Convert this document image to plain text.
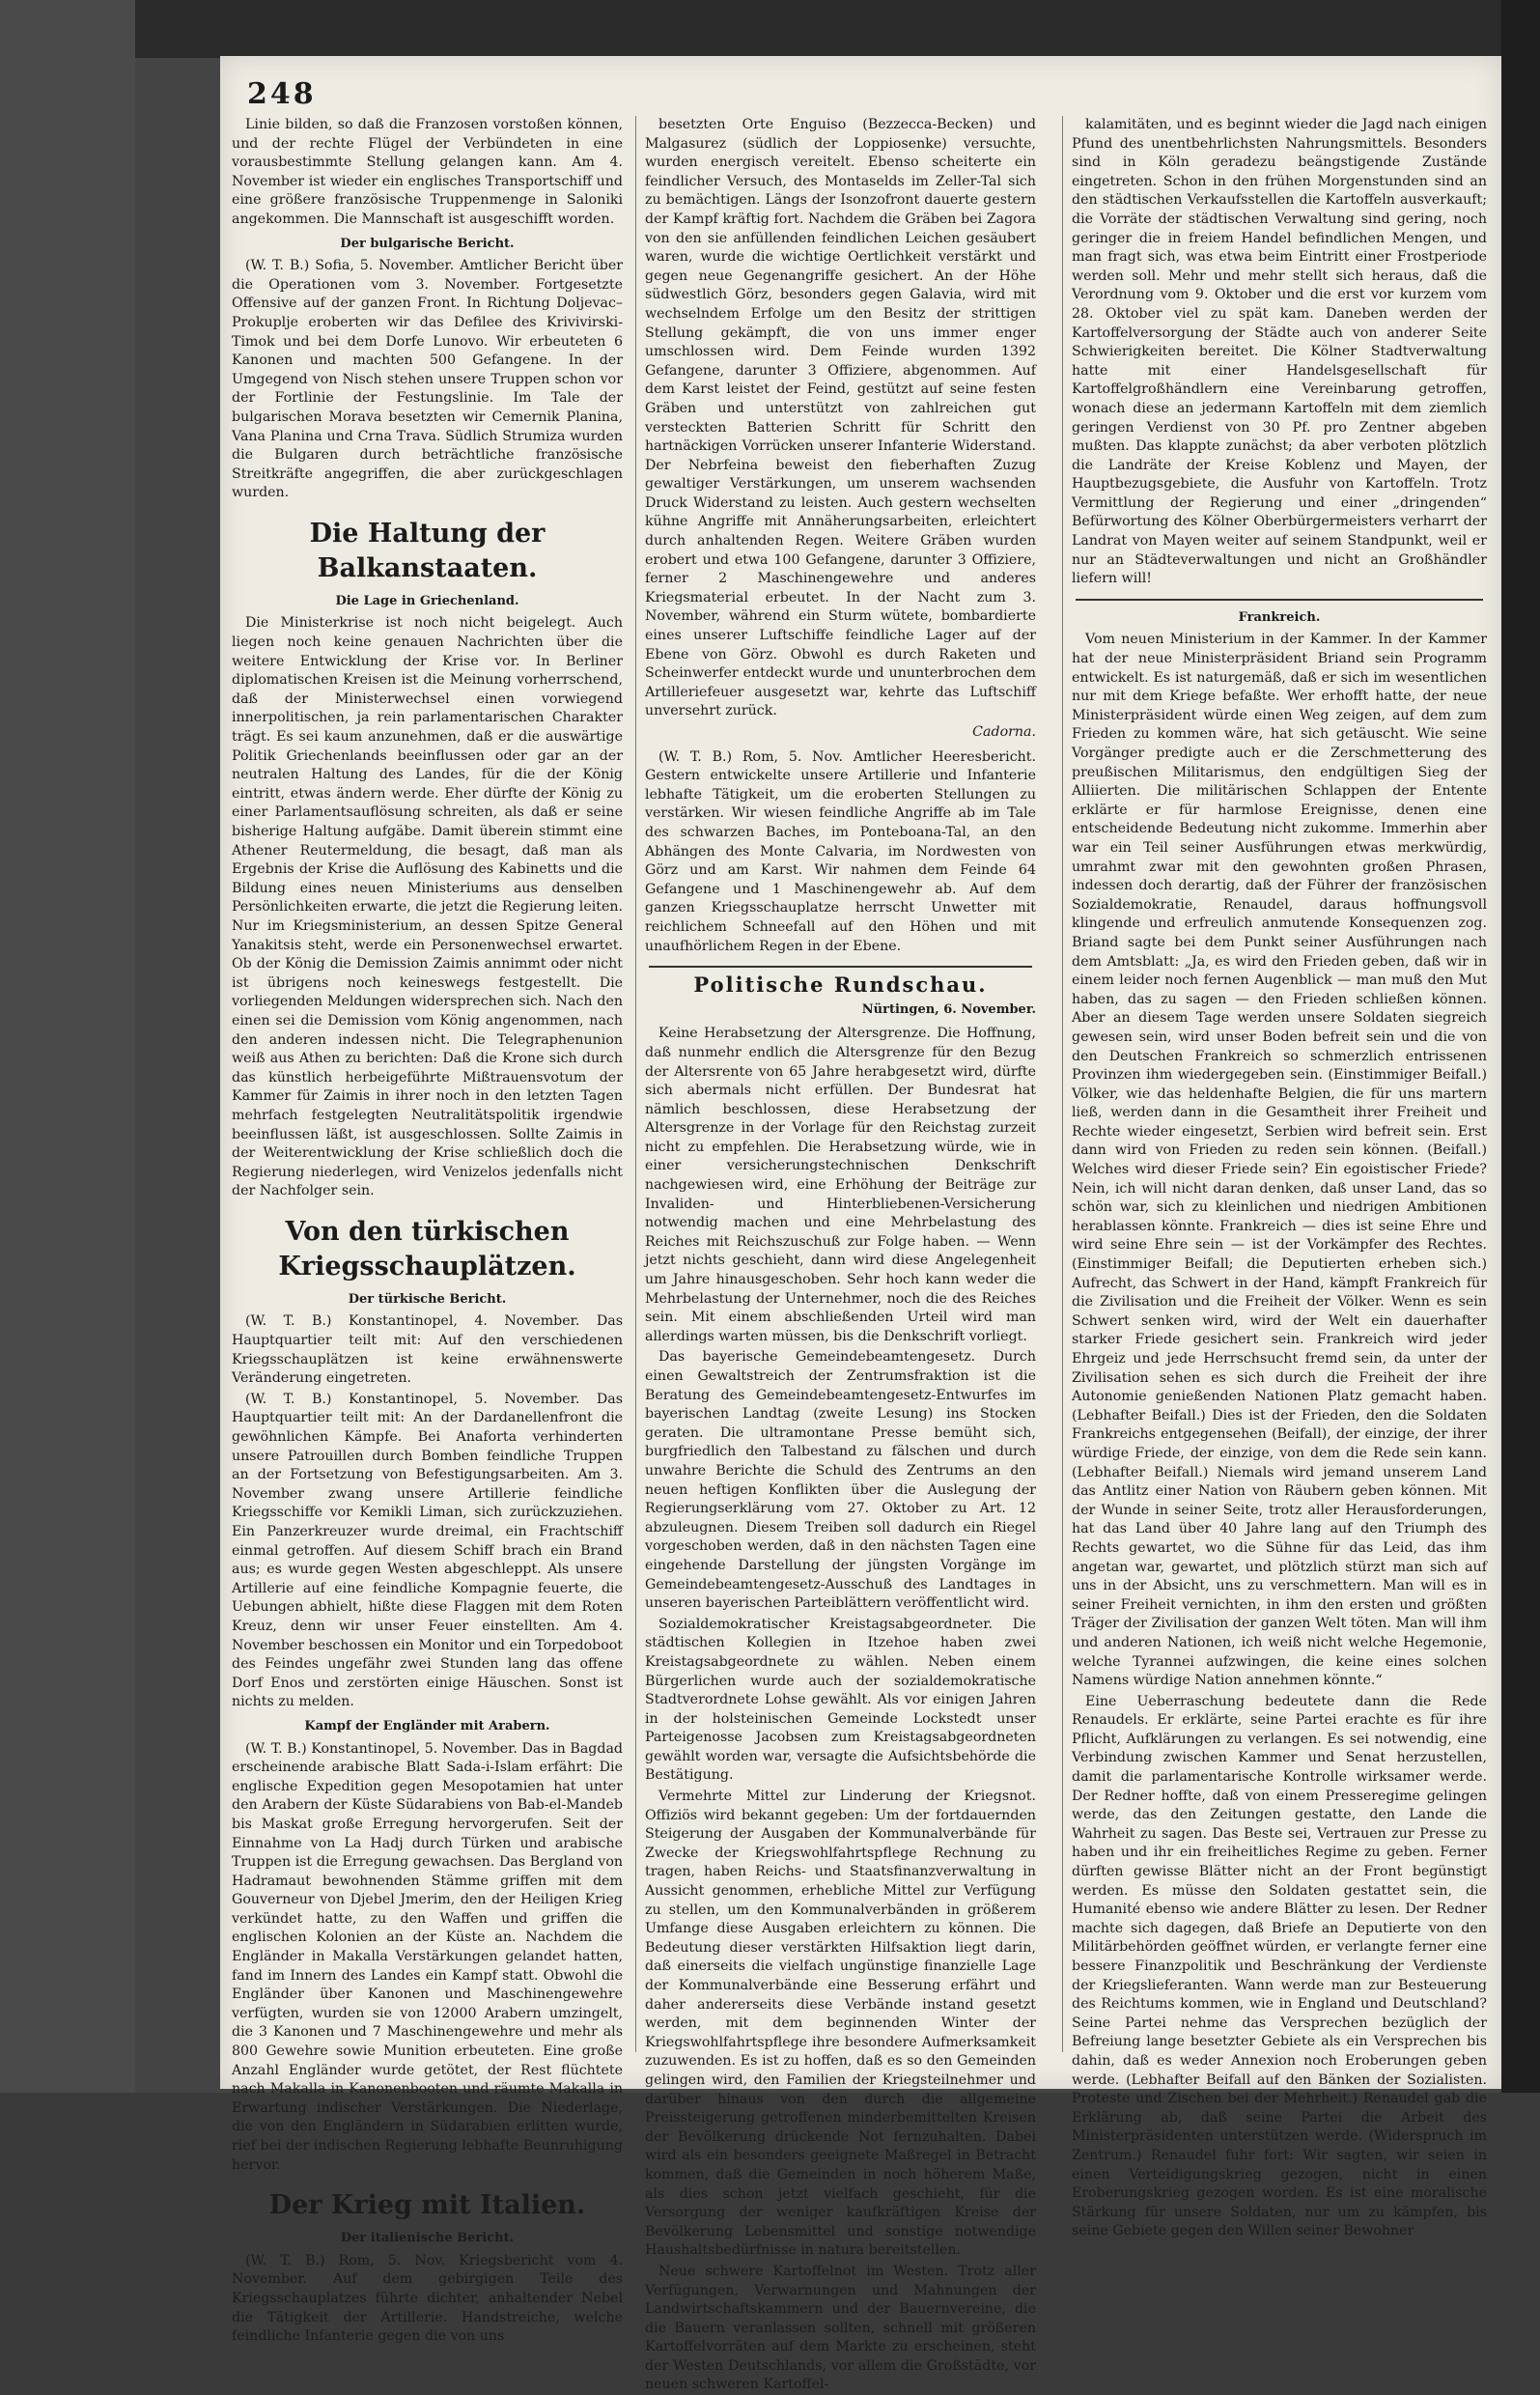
248

Linie bilden, so daß die Franzosen vorstoßen können, und der rechte Flügel der Verbündeten in eine vorausbestimmte Stellung gelangen kann. Am 4. November ist wieder ein englisches Transportschiff und eine größere französische Truppenmenge in Saloniki angekommen. Die Mannschaft ist ausgeschifft worden.

Der bulgarische Bericht.

(W. T. B.) Sofia, 5. November. Amtlicher Bericht über die Operationen vom 3. November. Fortgesetzte Offensive auf der ganzen Front. In Richtung Doljevac–Prokuplje eroberten wir das Defilee des Krivivirski-Timok und bei dem Dorfe Lunovo. Wir erbeuteten 6 Kanonen und machten 500 Gefangene. In der Umgegend von Nisch stehen unsere Truppen schon vor der Fortlinie der Festungslinie. Im Tale der bulgarischen Morava besetzten wir Cemernik Planina, Vana Planina und Crna Trava. Südlich Strumiza wurden die Bulgaren durch beträchtliche französische Streitkräfte angegriffen, die aber zurückgeschlagen wurden.

Die Haltung der Balkanstaaten.
Die Lage in Griechenland.

Die Ministerkrise ist noch nicht beigelegt. Auch liegen noch keine genauen Nachrichten über die weitere Entwicklung der Krise vor. In Berliner diplomatischen Kreisen ist die Meinung vorherrschend, daß der Ministerwechsel einen vorwiegend innerpolitischen, ja rein parlamentarischen Charakter trägt. Es sei kaum anzunehmen, daß er die auswärtige Politik Griechenlands beeinflussen oder gar an der neutralen Haltung des Landes, für die der König eintritt, etwas ändern werde. Eher dürfte der König zu einer Parlamentsauflösung schreiten, als daß er seine bisherige Haltung aufgäbe. Damit überein stimmt eine Athener Reutermeldung, die besagt, daß man als Ergebnis der Krise die Auflösung des Kabinetts und die Bildung eines neuen Ministeriums aus denselben Persönlichkeiten erwarte, die jetzt die Regierung leiten. Nur im Kriegsministerium, an dessen Spitze General Yanakitsis steht, werde ein Personenwechsel erwartet. Ob der König die Demission Zaimis annimmt oder nicht ist übrigens noch keineswegs festgestellt. Die vorliegenden Meldungen widersprechen sich. Nach den einen sei die Demission vom König angenommen, nach den anderen indessen nicht. Die Telegraphenunion weiß aus Athen zu berichten: Daß die Krone sich durch das künstlich herbeigeführte Mißtrauensvotum der Kammer für Zaimis in ihrer noch in den letzten Tagen mehrfach festgelegten Neutralitätspolitik irgendwie beeinflussen läßt, ist ausgeschlossen. Sollte Zaimis in der Weiterentwicklung der Krise schließlich doch die Regierung niederlegen, wird Venizelos jedenfalls nicht der Nachfolger sein.

Von den türkischen Kriegsschauplätzen.
Der türkische Bericht.

(W. T. B.) Konstantinopel, 4. November. Das Hauptquartier teilt mit: Auf den verschiedenen Kriegsschauplätzen ist keine erwähnenswerte Veränderung eingetreten.

(W. T. B.) Konstantinopel, 5. November. Das Hauptquartier teilt mit: An der Dardanellenfront die gewöhnlichen Kämpfe. Bei Anaforta verhinderten unsere Patrouillen durch Bomben feindliche Truppen an der Fortsetzung von Befestigungsarbeiten. Am 3. November zwang unsere Artillerie feindliche Kriegsschiffe vor Kemikli Liman, sich zurückzuziehen. Ein Panzerkreuzer wurde dreimal, ein Frachtschiff einmal getroffen. Auf diesem Schiff brach ein Brand aus; es wurde gegen Westen abgeschleppt. Als unsere Artillerie auf eine feindliche Kompagnie feuerte, die Uebungen abhielt, hißte diese Flaggen mit dem Roten Kreuz, denn wir unser Feuer einstellten. Am 4. November beschossen ein Monitor und ein Torpedoboot des Feindes ungefähr zwei Stunden lang das offene Dorf Enos und zerstörten einige Häuschen. Sonst ist nichts zu melden.

Kampf der Engländer mit Arabern.

(W. T. B.) Konstantinopel, 5. November. Das in Bagdad erscheinende arabische Blatt Sada-i-Islam erfährt: Die englische Expedition gegen Mesopotamien hat unter den Arabern der Küste Südarabiens von Bab-el-Mandeb bis Maskat große Erregung hervorgerufen. Seit der Einnahme von La Hadj durch Türken und arabische Truppen ist die Erregung gewachsen. Das Bergland von Hadramaut bewohnenden Stämme griffen mit dem Gouverneur von Djebel Jmerim, den der Heiligen Krieg verkündet hatte, zu den Waffen und griffen die englischen Kolonien an der Küste an. Nachdem die Engländer in Makalla Verstärkungen gelandet hatten, fand im Innern des Landes ein Kampf statt. Obwohl die Engländer über Kanonen und Maschinengewehre verfügten, wurden sie von 12000 Arabern umzingelt, die 3 Kanonen und 7 Maschinengewehre und mehr als 800 Gewehre sowie Munition erbeuteten. Eine große Anzahl Engländer wurde getötet, der Rest flüchtete nach Makalla in Kanonenbooten und räumte Makalla in Erwartung indischer Verstärkungen. Die Niederlage, die von den Engländern in Südarabien erlitten wurde, rief bei der indischen Regierung lebhafte Beunruhigung hervor.

Der Krieg mit Italien.
Der italienische Bericht.

(W. T. B.) Rom, 5. Nov. Kriegsbericht vom 4. November. Auf dem gebirgigen Teile des Kriegsschauplatzes führte dichter, anhaltender Nebel die Tätigkeit der Artillerie. Handstreiche, welche feindliche Infanterie gegen die von uns

besetzten Orte Enguiso (Bezzecca-Becken) und Malgasurez (südlich der Loppiosenke) versuchte, wurden energisch vereitelt. Ebenso scheiterte ein feindlicher Versuch, des Montaselds im Zeller-Tal sich zu bemächtigen. Längs der Isonzofront dauerte gestern der Kampf kräftig fort. Nachdem die Gräben bei Zagora von den sie anfüllenden feindlichen Leichen gesäubert waren, wurde die wichtige Oertlichkeit verstärkt und gegen neue Gegenangriffe gesichert. An der Höhe südwestlich Görz, besonders gegen Galavia, wird mit wechselndem Erfolge um den Besitz der strittigen Stellung gekämpft, die von uns immer enger umschlossen wird. Dem Feinde wurden 1392 Gefangene, darunter 3 Offiziere, abgenommen. Auf dem Karst leistet der Feind, gestützt auf seine festen Gräben und unterstützt von zahlreichen gut versteckten Batterien Schritt für Schritt den hartnäckigen Vorrücken unserer Infanterie Widerstand. Der Nebrfeina beweist den fieberhaften Zuzug gewaltiger Verstärkungen, um unserem wachsenden Druck Widerstand zu leisten. Auch gestern wechselten kühne Angriffe mit Annäherungsarbeiten, erleichtert durch anhaltenden Regen. Weitere Gräben wurden erobert und etwa 100 Gefangene, darunter 3 Offiziere, ferner 2 Maschinengewehre und anderes Kriegsmaterial erbeutet. In der Nacht zum 3. November, während ein Sturm wütete, bombardierte eines unserer Luftschiffe feindliche Lager auf der Ebene von Görz. Obwohl es durch Raketen und Scheinwerfer entdeckt wurde und ununterbrochen dem Artilleriefeuer ausgesetzt war, kehrte das Luftschiff unversehrt zurück.

Cadorna.

(W. T. B.) Rom, 5. Nov. Amtlicher Heeresbericht. Gestern entwickelte unsere Artillerie und Infanterie lebhafte Tätigkeit, um die eroberten Stellungen zu verstärken. Wir wiesen feindliche Angriffe ab im Tale des schwarzen Baches, im Ponteboana-Tal, an den Abhängen des Monte Calvaria, im Nordwesten von Görz und am Karst. Wir nahmen dem Feinde 64 Gefangene und 1 Maschinengewehr ab. Auf dem ganzen Kriegsschauplatze herrscht Unwetter mit reichlichem Schneefall auf den Höhen und mit unaufhörlichem Regen in der Ebene.

Politische Rundschau.
Nürtingen, 6. November.

Keine Herabsetzung der Altersgrenze. Die Hoffnung, daß nunmehr endlich die Altersgrenze für den Bezug der Altersrente von 65 Jahre herabgesetzt wird, dürfte sich abermals nicht erfüllen. Der Bundesrat hat nämlich beschlossen, diese Herabsetzung der Altersgrenze in der Vorlage für den Reichstag zurzeit nicht zu empfehlen. Die Herabsetzung würde, wie in einer versicherungstechnischen Denkschrift nachgewiesen wird, eine Erhöhung der Beiträge zur Invaliden- und Hinterbliebenen-Versicherung notwendig machen und eine Mehrbelastung des Reiches mit Reichszuschuß zur Folge haben. — Wenn jetzt nichts geschieht, dann wird diese Angelegenheit um Jahre hinausgeschoben. Sehr hoch kann weder die Mehrbelastung der Unternehmer, noch die des Reiches sein. Mit einem abschließenden Urteil wird man allerdings warten müssen, bis die Denkschrift vorliegt.

Das bayerische Gemeindebeamtengesetz. Durch einen Gewaltstreich der Zentrumsfraktion ist die Beratung des Gemeindebeamtengesetz-Entwurfes im bayerischen Landtag (zweite Lesung) ins Stocken geraten. Die ultramontane Presse bemüht sich, burgfriedlich den Talbestand zu fälschen und durch unwahre Berichte die Schuld des Zentrums an den neuen heftigen Konflikten über die Auslegung der Regierungserklärung vom 27. Oktober zu Art. 12 abzuleugnen. Diesem Treiben soll dadurch ein Riegel vorgeschoben werden, daß in den nächsten Tagen eine eingehende Darstellung der jüngsten Vorgänge im Gemeindebeamtengesetz-Ausschuß des Landtages in unseren bayerischen Parteiblättern veröffentlicht wird.

Sozialdemokratischer Kreistagsabgeordneter. Die städtischen Kollegien in Itzehoe haben zwei Kreistagsabgeordnete zu wählen. Neben einem Bürgerlichen wurde auch der sozialdemokratische Stadtverordnete Lohse gewählt. Als vor einigen Jahren in der holsteinischen Gemeinde Lockstedt unser Parteigenosse Jacobsen zum Kreistagsabgeordneten gewählt worden war, versagte die Aufsichtsbehörde die Bestätigung.

Vermehrte Mittel zur Linderung der Kriegsnot. Offiziös wird bekannt gegeben: Um der fortdauernden Steigerung der Ausgaben der Kommunalverbände für Zwecke der Kriegswohlfahrtspflege Rechnung zu tragen, haben Reichs- und Staatsfinanzverwaltung in Aussicht genommen, erhebliche Mittel zur Verfügung zu stellen, um den Kommunalverbänden in größerem Umfange diese Ausgaben erleichtern zu können. Die Bedeutung dieser verstärkten Hilfsaktion liegt darin, daß einerseits die vielfach ungünstige finanzielle Lage der Kommunalverbände eine Besserung erfährt und daher andererseits diese Verbände instand gesetzt werden, mit dem beginnenden Winter der Kriegswohlfahrtspflege ihre besondere Aufmerksamkeit zuzuwenden. Es ist zu hoffen, daß es so den Gemeinden gelingen wird, den Familien der Kriegsteilnehmer und darüber hinaus von den durch die allgemeine Preissteigerung getroffenen minderbemittelten Kreisen der Bevölkerung drückende Not fernzuhalten. Dabei wird als ein besonders geeignete Maßregel in Betracht kommen, daß die Gemeinden in noch höherem Maße, als dies schon jetzt vielfach geschieht, für die Versorgung der weniger kaufkräftigen Kreise der Bevölkerung Lebensmittel und sonstige notwendige Haushaltsbedürfnisse in natura bereitstellen.

Neue schwere Kartoffelnot im Westen. Trotz aller Verfügungen, Verwarnungen und Mahnungen der Landwirtschaftskammern und der Bauernvereine, die die Bauern veranlassen sollten, schnell mit größeren Kartoffelvorräten auf dem Markte zu erscheinen, steht der Westen Deutschlands, vor allem die Großstädte, vor neuen schweren Kartoffel-

kalamitäten, und es beginnt wieder die Jagd nach einigen Pfund des unentbehrlichsten Nahrungsmittels. Besonders sind in Köln geradezu beängstigende Zustände eingetreten. Schon in den frühen Morgenstunden sind an den städtischen Verkaufsstellen die Kartoffeln ausverkauft; die Vorräte der städtischen Verwaltung sind gering, noch geringer die in freiem Handel befindlichen Mengen, und man fragt sich, was etwa beim Eintritt einer Frostperiode werden soll. Mehr und mehr stellt sich heraus, daß die Verordnung vom 9. Oktober und die erst vor kurzem vom 28. Oktober viel zu spät kam. Daneben werden der Kartoffelversorgung der Städte auch von anderer Seite Schwierigkeiten bereitet. Die Kölner Stadtverwaltung hatte mit einer Handelsgesellschaft für Kartoffelgroßhändlern eine Vereinbarung getroffen, wonach diese an jedermann Kartoffeln mit dem ziemlich geringen Verdienst von 30 Pf. pro Zentner abgeben mußten. Das klappte zunächst; da aber verboten plötzlich die Landräte der Kreise Koblenz und Mayen, der Hauptbezugsgebiete, die Ausfuhr von Kartoffeln. Trotz Vermittlung der Regierung und einer „dringenden“ Befürwortung des Kölner Oberbürgermeisters verharrt der Landrat von Mayen weiter auf seinem Standpunkt, weil er nur an Städteverwaltungen und nicht an Großhändler liefern will!

Frankreich.

Vom neuen Ministerium in der Kammer. In der Kammer hat der neue Ministerpräsident Briand sein Programm entwickelt. Es ist naturgemäß, daß er sich im wesentlichen nur mit dem Kriege befaßte. Wer erhofft hatte, der neue Ministerpräsident würde einen Weg zeigen, auf dem zum Frieden zu kommen wäre, hat sich getäuscht. Wie seine Vorgänger predigte auch er die Zerschmetterung des preußischen Militarismus, den endgültigen Sieg der Alliierten. Die militärischen Schlappen der Entente erklärte er für harmlose Ereignisse, denen eine entscheidende Bedeutung nicht zukomme. Immerhin aber war ein Teil seiner Ausführungen etwas merkwürdig, umrahmt zwar mit den gewohnten großen Phrasen, indessen doch derartig, daß der Führer der französischen Sozialdemokratie, Renaudel, daraus hoffnungsvoll klingende und erfreulich anmutende Konsequenzen zog. Briand sagte bei dem Punkt seiner Ausführungen nach dem Amtsblatt: „Ja, es wird den Frieden geben, daß wir in einem leider noch fernen Augenblick — man muß den Mut haben, das zu sagen — den Frieden schließen können. Aber an diesem Tage werden unsere Soldaten siegreich gewesen sein, wird unser Boden befreit sein und die von den Deutschen Frankreich so schmerzlich entrissenen Provinzen ihm wiedergegeben sein. (Einstimmiger Beifall.) Völker, wie das heldenhafte Belgien, die für uns martern ließ, werden dann in die Gesamtheit ihrer Freiheit und Rechte wieder eingesetzt, Serbien wird befreit sein. Erst dann wird von Frieden zu reden sein können. (Beifall.) Welches wird dieser Friede sein? Ein egoistischer Friede? Nein, ich will nicht daran denken, daß unser Land, das so schön war, sich zu kleinlichen und niedrigen Ambitionen herablassen könnte. Frankreich — dies ist seine Ehre und wird seine Ehre sein — ist der Vorkämpfer des Rechtes. (Einstimmiger Beifall; die Deputierten erheben sich.) Aufrecht, das Schwert in der Hand, kämpft Frankreich für die Zivilisation und die Freiheit der Völker. Wenn es sein Schwert senken wird, wird der Welt ein dauerhafter starker Friede gesichert sein. Frankreich wird jeder Ehrgeiz und jede Herrschsucht fremd sein, da unter der Zivilisation sehen es sich durch die Freiheit der ihre Autonomie genießenden Nationen Platz gemacht haben. (Lebhafter Beifall.) Dies ist der Frieden, den die Soldaten Frankreichs entgegensehen (Beifall), der einzige, der ihrer würdige Friede, der einzige, von dem die Rede sein kann. (Lebhafter Beifall.) Niemals wird jemand unserem Land das Antlitz einer Nation von Räubern geben können. Mit der Wunde in seiner Seite, trotz aller Herausforderungen, hat das Land über 40 Jahre lang auf den Triumph des Rechts gewartet, wo die Sühne für das Leid, das ihm angetan war, gewartet, und plötzlich stürzt man sich auf uns in der Absicht, uns zu verschmettern. Man will es in seiner Freiheit vernichten, in ihm den ersten und größten Träger der Zivilisation der ganzen Welt töten. Man will ihm und anderen Nationen, ich weiß nicht welche Hegemonie, welche Tyrannei aufzwingen, die keine eines solchen Namens würdige Nation annehmen könnte.“

Eine Ueberraschung bedeutete dann die Rede Renaudels. Er erklärte, seine Partei erachte es für ihre Pflicht, Aufklärungen zu verlangen. Es sei notwendig, eine Verbindung zwischen Kammer und Senat herzustellen, damit die parlamentarische Kontrolle wirksamer werde. Der Redner hoffte, daß von einem Presseregime gelingen werde, das den Zeitungen gestatte, den Lande die Wahrheit zu sagen. Das Beste sei, Vertrauen zur Presse zu haben und ihr ein freiheitliches Regime zu geben. Ferner dürften gewisse Blätter nicht an der Front begünstigt werden. Es müsse den Soldaten gestattet sein, die Humanité ebenso wie andere Blätter zu lesen. Der Redner machte sich dagegen, daß Briefe an Deputierte von den Militärbehörden geöffnet würden, er verlangte ferner eine bessere Finanzpolitik und Beschränkung der Verdienste der Kriegslieferanten. Wann werde man zur Besteuerung des Reichtums kommen, wie in England und Deutschland? Seine Partei nehme das Versprechen bezüglich der Befreiung lange besetzter Gebiete als ein Versprechen bis dahin, daß es weder Annexion noch Eroberungen geben werde. (Lebhafter Beifall auf den Bänken der Sozialisten. Proteste und Zischen bei der Mehrheit.) Renaudel gab die Erklärung ab, daß seine Partei die Arbeit des Ministerpräsidenten unterstützen werde. (Widerspruch im Zentrum.) Renaudel fuhr fort: Wir sagten, wir seien in einen Verteidigungskrieg gezogen, nicht in einen Eroberungskrieg gezogen worden. Es ist eine moralische Stärkung für unsere Soldaten, nur um zu kämpfen, bis seine Gebiete gegen den Willen seiner Bewohner
